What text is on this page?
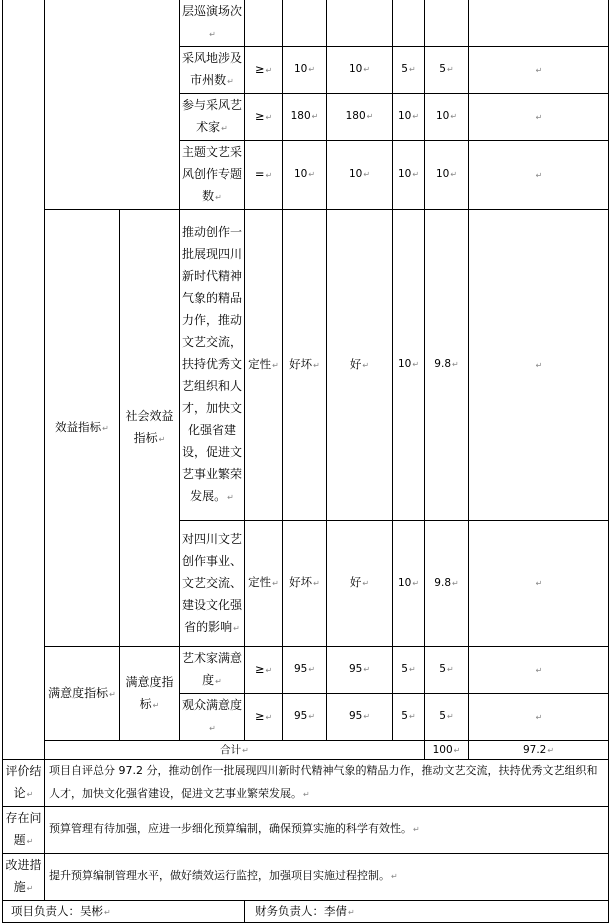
			层巡演场次↵							
			采风地涉及市州数↵	≥↵	10↵	10↵	5↵	5↵	↵	
			参与采风艺术家↵	≥↵	180↵	180↵	10↵	10↵	↵	
			主题文艺采风创作专题数↵	=↵	10↵	10↵	10↵	10↵	↵	
	效益指标↵	社会效益指标↵	推动创作一批展现四川新时代精神气象的精品力作，推动文艺交流，扶持优秀文艺组织和人才，加快文化强省建设，促进文艺事业繁荣发展。↵	定性↵	好坏↵	好↵	10↵	9.8↵	↵	
			对四川文艺创作事业、文艺交流、建设文化强省的影响↵	定性↵	好坏↵	好↵	10↵	9.8↵	↵	
	满意度指标↵	满意度指标↵	艺术家满意度↵	≥↵	95↵	95↵	5↵	5↵	↵	
			观众满意度↵	≥↵	95↵	95↵	5↵	5↵	↵	
	合计↵							100↵	97.2↵	
评价结论↵	项目自评总分 97.2 分，推动创作一批展现四川新时代精神气象的精品力作，推动文艺交流，扶持优秀文艺组织和人才，加快文化强省建设，促进文艺事业繁荣发展。↵									
存在问题↵	预算管理有待加强，应进一步细化预算编制，确保预算实施的科学有效性。↵									
改进措施↵	提升预算编制管理水平，做好绩效运行监控，加强项目实施过程控制。↵									
项目负责人：吴彬↵				财务负责人：李倩↵						
